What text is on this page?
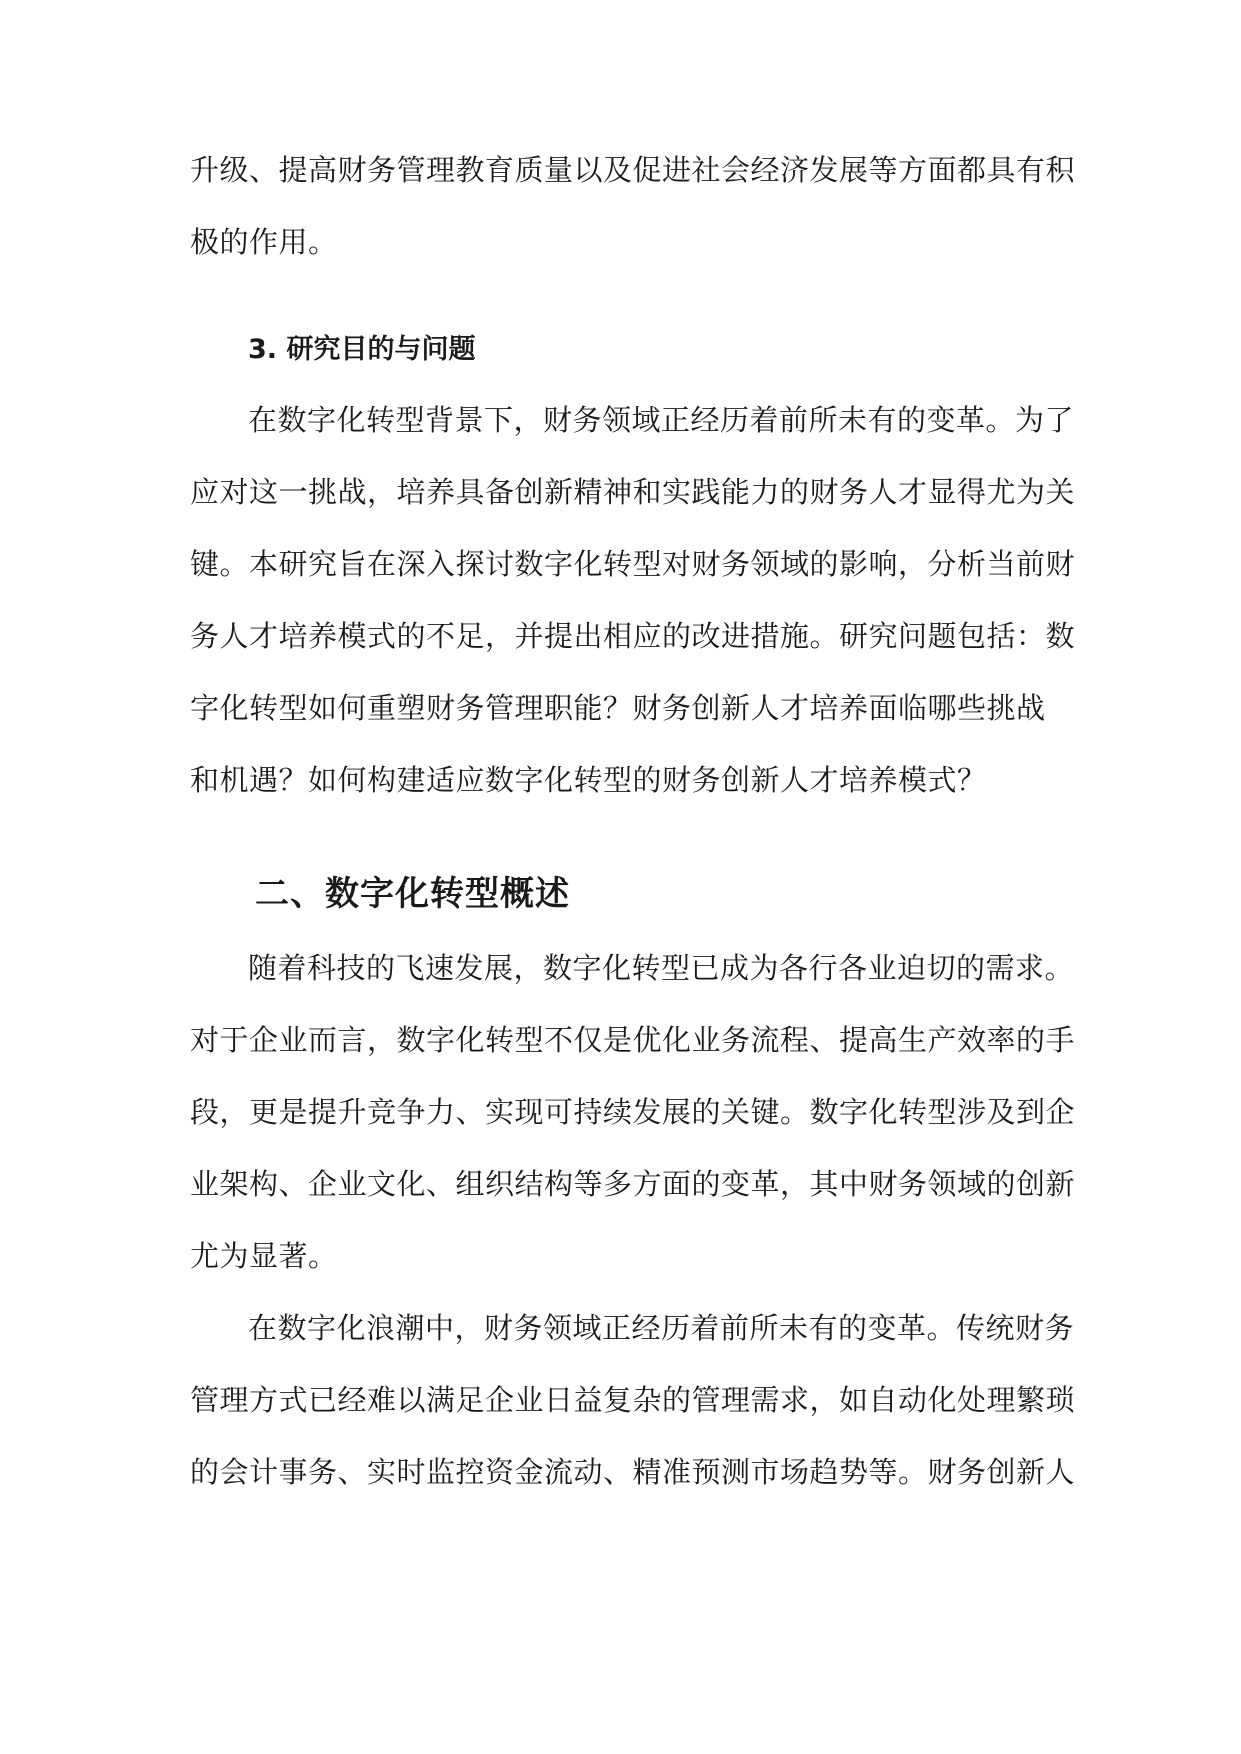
升级、提高财务管理教育质量以及促进社会经济发展等方面都具有积
极的作用。
3. 研究目的与问题
在数字化转型背景下，财务领域正经历着前所未有的变革。为了
应对这一挑战，培养具备创新精神和实践能力的财务人才显得尤为关
键。本研究旨在深入探讨数字化转型对财务领域的影响，分析当前财
务人才培养模式的不足，并提出相应的改进措施。研究问题包括：数
字化转型如何重塑财务管理职能？财务创新人才培养面临哪些挑战
和机遇？如何构建适应数字化转型的财务创新人才培养模式？
二、数字化转型概述
随着科技的飞速发展，数字化转型已成为各行各业迫切的需求。
对于企业而言，数字化转型不仅是优化业务流程、提高生产效率的手
段，更是提升竞争力、实现可持续发展的关键。数字化转型涉及到企
业架构、企业文化、组织结构等多方面的变革，其中财务领域的创新
尤为显著。
在数字化浪潮中，财务领域正经历着前所未有的变革。传统财务
管理方式已经难以满足企业日益复杂的管理需求，如自动化处理繁琐
的会计事务、实时监控资金流动、精准预测市场趋势等。财务创新人
